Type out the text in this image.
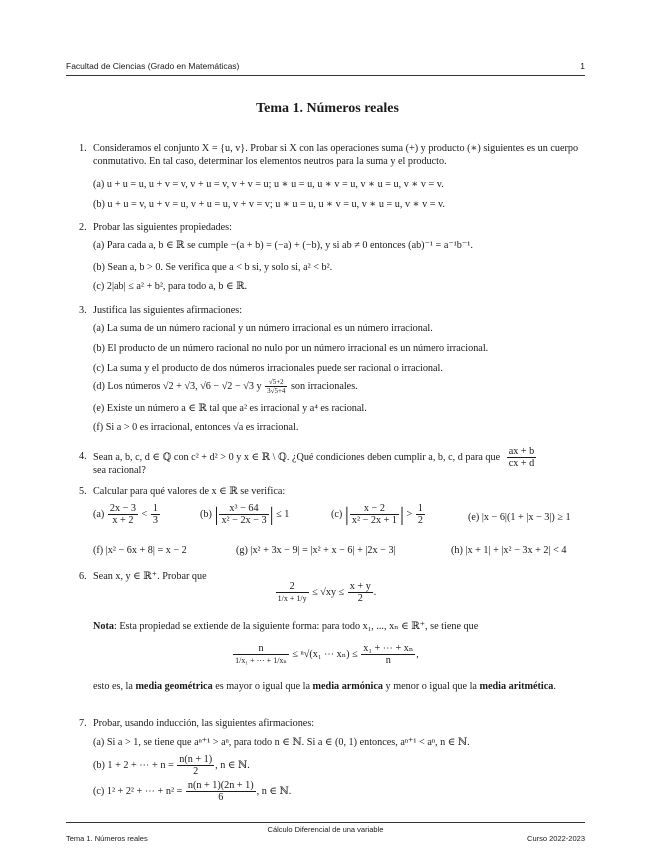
Facultad de Ciencias (Grado en Matemáticas)	1
Tema 1. Números reales
1. Consideramos el conjunto X = {u, v}. Probar si X con las operaciones suma (+) y producto (∗) siguientes es un cuerpo conmutativo. En tal caso, determinar los elementos neutros para la suma y el producto.
(a) u + u = u, u + v = v, v + u = v, v + v = u; u ∗ u = u, u ∗ v = u, v ∗ u = u, v ∗ v = v.
(b) u + u = v, u + v = u, v + u = u, v + v = v; u ∗ u = u, u ∗ v = u, v ∗ u = u, v ∗ v = v.
2. Probar las siguientes propiedades:
(a) Para cada a, b ∈ ℝ se cumple −(a + b) = (−a) + (−b), y si ab ≠ 0 entonces (ab)⁻¹ = a⁻¹b⁻¹.
(b) Sean a, b > 0. Se verifica que a < b si, y solo si, a² < b².
(c) 2|ab| ≤ a² + b², para todo a, b ∈ ℝ.
3. Justifica las siguientes afirmaciones:
(a) La suma de un número racional y un número irracional es un número irracional.
(b) El producto de un número racional no nulo por un número irracional es un número irracional.
(c) La suma y el producto de dos números irracionales puede ser racional o irracional.
(d) Los números √2 + √3, √6 − √2 − √3 y $\frac{√5+2}{3√5+4}$ son irracionales.
(e) Existe un número a ∈ ℝ tal que a² es irracional y a⁴ es racional.
(f) Si a > 0 es irracional, entonces √a es irracional.
4. Sean a, b, c, d ∈ ℚ con c² + d² > 0 y x ∈ ℝ \ ℚ. ¿Qué condiciones deben cumplir a, b, c, d para que $\frac{ax + b}{cx + d}$
sea racional?
5. Calcular para qué valores de x ∈ ℝ se verifica:
$(a) \frac{2x - 3}{x + 2} < \frac{1}{3}$	(b) | $\frac{\text{x³ − 64}}{\text{x² − 2x − 3}}$ | ≤ 1	(c) | $\frac{x - 2}{\text{x² − 2x + 1}}$ | > $\frac{1}{2}$	(e) |x − 6|(1 + |x − 3|) ≥ 1
(f) |x² − 6x + 8| = x − 2	(g) |x² + 3x − 9| = |x² + x − 6| + |2x − 3|	(h) |x + 1| + |x² − 3x + 2| < 4
6. Sean x, y ∈ ℝ⁺. Probar que
$\frac{2}{1/x + 1/y} \le √xy \le \frac{x + y}{2}$ .
Nota: Esta propiedad se extiende de la siguiente forma: para todo x₁, ..., xₙ ∈ ℝ⁺, se tiene que
$\frac{n}{\text{1/x₁ + ⋯ + 1/xₙ}} \le ^n√(x_1$ ⋯ $x_n) \le \frac{\text{x₁ + ⋯ + xₙ}}{n}$ ,
esto es, la media geométrica es mayor o igual que la media armónica y menor o igual que la media aritmética.
7. Probar, usando inducción, las siguientes afirmaciones:
(a) Si a > 1, se tiene que aⁿ⁺¹ > aⁿ, para todo n ∈ ℕ. Si a ∈ (0, 1) entonces, aⁿ⁺¹ < aⁿ, n ∈ ℕ.
(b) 1 + 2 + ⋯ + $n = \frac{n(n + 1)}{2}$ , n ∈ ℕ.
(c) 1² + 2² + ⋯ + $n^2 = \frac{n(n + 1)(2n + 1)}{6}$ , n ∈ ℕ.
Cálculo Diferencial de una variable
Tema 1. Números reales	Curso 2022-2023
